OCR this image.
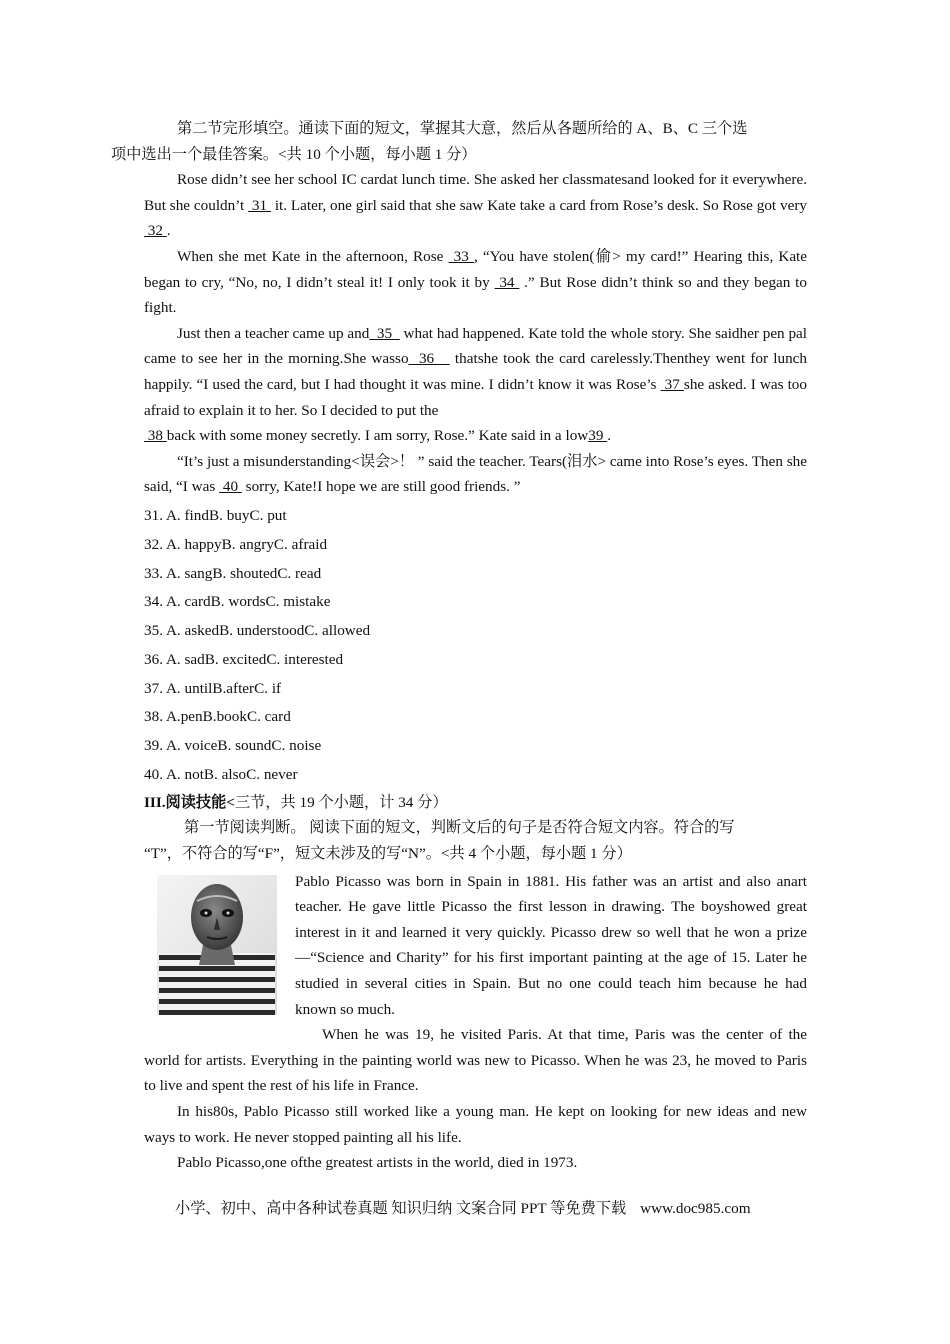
第二节完形填空。通读下面的短文，掌握其大意，然后从各题所给的 A、B、C 三个选
项中选出一个最佳答案。<共 10 个小题，每小题 1 分）

Rose didn’t see her school IC cardat lunch time. She asked her classmatesand looked for it everywhere. But she couldn’t  31  it. Later, one girl said that she saw Kate take a card from Rose’s desk. So Rose got very  32 .

When she met Kate in the afternoon, Rose  33 , “You have stolen(偷> my card!” Hearing this, Kate began to cry, “No, no, I didn’t steal it! I only took it by  34  .” But Rose didn’t think so and they began to fight.

Just then a teacher came up and  35   what had happened. Kate told the whole story. She saidher pen pal came to see her in the morning.She wasso  36    thatshe took the card carelessly.Thenthey went for lunch happily. “I used the card, but I had thought it was mine. I didn’t know it was Rose’s  37 she asked. I was too afraid to explain it to her. So I decided to put the
38 back with some money secretly. I am sorry, Rose.” Kate said in a low39 .

“It’s just a misunderstanding<误会>！ ” said the teacher. Tears(泪水> came into Rose’s eyes. Then she said, “I was  40  sorry, Kate!I hope we are still good friends. ”

31. A. findB. buyC. put

32. A. happyB. angryC. afraid

33. A. sangB. shoutedC. read

34. A. cardB. wordsC. mistake

35. A. askedB. understoodC. allowed

36. A. sadB. excitedC. interested

37. A. untilB.afterC. if

38. A.penB.bookC. card

39. A. voiceB. soundC. noise

40. A. notB. alsoC. never

III.阅读技能<三节，共 19 个小题，计 34 分）

第一节阅读判断。 阅读下面的短文，判断文后的句子是否符合短文内容。符合的写
“T”，不符合的写“F”，短文未涉及的写“N”。<共 4 个小题，每小题 1 分）

Pablo Picasso was born in Spain in 1881. His father was an artist and also anart teacher. He gave little Picasso the first lesson in drawing. The boyshowed great interest in it and learned it very quickly. Picasso drew so well that he won a prize—“Science and Charity” for his first important painting at the age of 15. Later he studied in several cities in Spain. But no one could teach him because he had known so much.

When he was 19, he visited Paris. At that time, Paris was the center of the world for artists. Everything in the painting world was new to Picasso. When he was 23, he moved to Paris to live and spent the rest of his life in France.

In his80s, Pablo Picasso still worked like a young man. He kept on looking for new ideas and new ways to work. He never stopped painting all his life.

Pablo Picasso,one ofthe greatest artists in the world, died in 1973.

小学、初中、高中各种试卷真题 知识归纳 文案合同 PPT 等免费下载 www.doc985.com
